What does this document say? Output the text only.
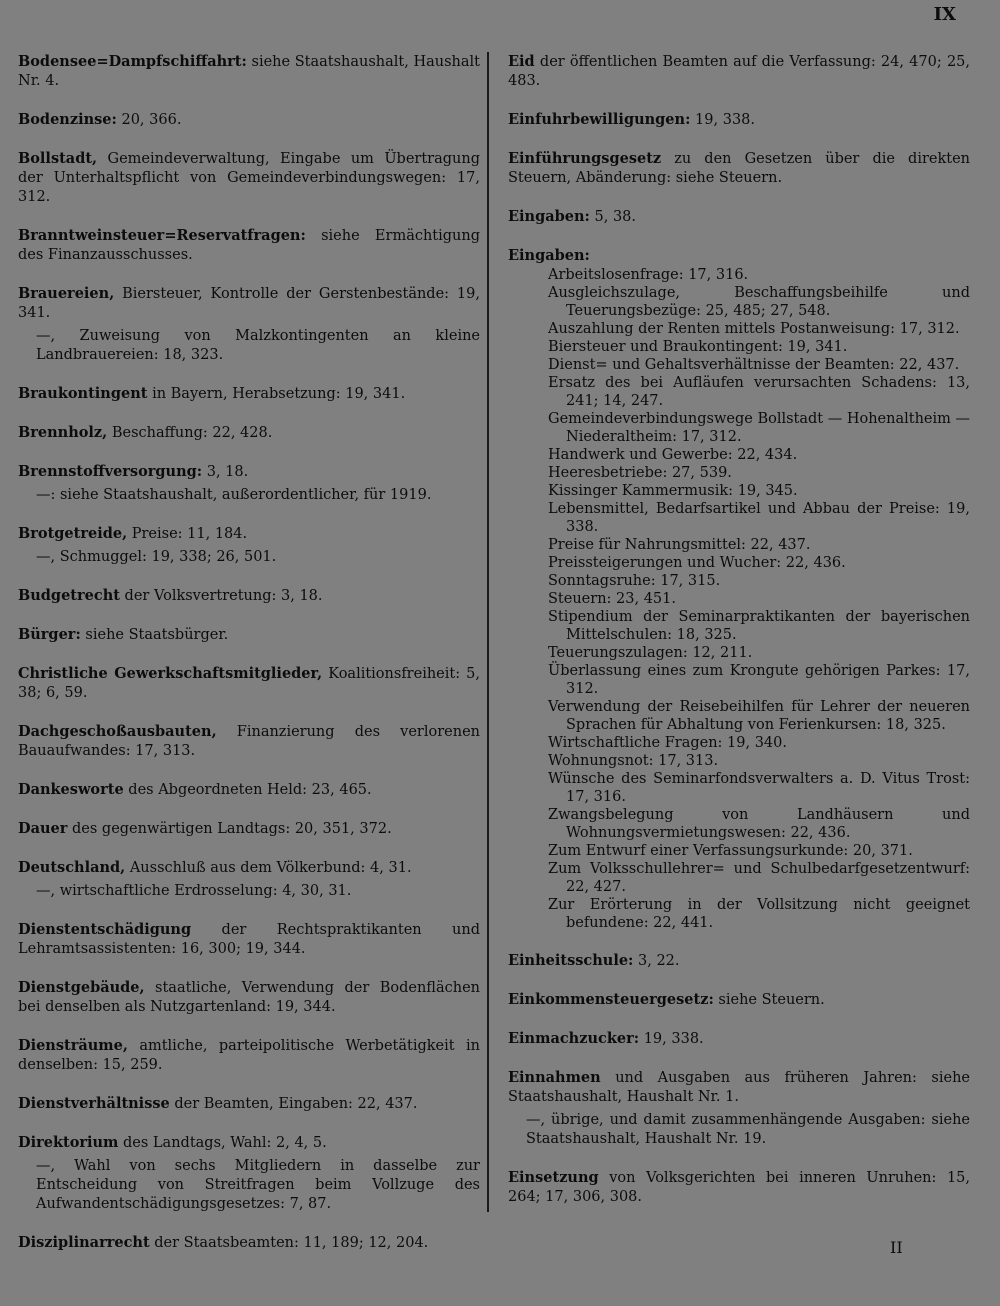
IX
Bodensee=Dampfschiffahrt: siehe Staatshaushalt, Haushalt Nr. 4.
Bodenzinse: 20, 366.
Bollstadt, Gemeindeverwaltung, Eingabe um Übertragung der Unterhaltspflicht von Gemeindeverbindungswegen: 17, 312.
Branntweinsteuer=Reservatfragen: siehe Ermächtigung des Finanzausschusses.
Brauereien, Biersteuer, Kontrolle der Gerstenbestände: 19, 341.
—, Zuweisung von Malzkontingenten an kleine Landbrauereien: 18, 323.
Braukontingent in Bayern, Herabsetzung: 19, 341.
Brennholz, Beschaffung: 22, 428.
Brennstoffversorgung: 3, 18.
—: siehe Staatshaushalt, außerordentlicher, für 1919.
Brotgetreide, Preise: 11, 184.
—, Schmuggel: 19, 338; 26, 501.
Budgetrecht der Volksvertretung: 3, 18.
Bürger: siehe Staatsbürger.
Christliche Gewerkschaftsmitglieder, Koalitionsfreiheit: 5, 38; 6, 59.
Dachgeschoßausbauten, Finanzierung des verlorenen Bauaufwandes: 17, 313.
Dankesworte des Abgeordneten Held: 23, 465.
Dauer des gegenwärtigen Landtags: 20, 351, 372.
Deutschland, Ausschluß aus dem Völkerbund: 4, 31.
—, wirtschaftliche Erdrosselung: 4, 30, 31.
Dienstentschädigung der Rechtspraktikanten und Lehramtsassistenten: 16, 300; 19, 344.
Dienstgebäude, staatliche, Verwendung der Bodenflächen bei denselben als Nutzgartenland: 19, 344.
Diensträume, amtliche, parteipolitische Werbetätigkeit in denselben: 15, 259.
Dienstverhältnisse der Beamten, Eingaben: 22, 437.
Direktorium des Landtags, Wahl: 2, 4, 5.
—, Wahl von sechs Mitgliedern in dasselbe zur Entscheidung von Streitfragen beim Vollzuge des Aufwandentschädigungsgesetzes: 7, 87.
Disziplinarrecht der Staatsbeamten: 11, 189; 12, 204.
Eid der öffentlichen Beamten auf die Verfassung: 24, 470; 25, 483.
Einfuhrbewilligungen: 19, 338.
Einführungsgesetz zu den Gesetzen über die direkten Steuern, Abänderung: siehe Steuern.
Eingaben: 5, 38.
Eingaben:
Arbeitslosenfrage: 17, 316.
Ausgleichszulage, Beschaffungsbeihilfe und Teuerungsbezüge: 25, 485; 27, 548.
Auszahlung der Renten mittels Postanweisung: 17, 312.
Biersteuer und Braukontingent: 19, 341.
Dienst= und Gehaltsverhältnisse der Beamten: 22, 437.
Ersatz des bei Aufläufen verursachten Schadens: 13, 241; 14, 247.
Gemeindeverbindungswege Bollstadt — Hohenaltheim — Niederaltheim: 17, 312.
Handwerk und Gewerbe: 22, 434.
Heeresbetriebe: 27, 539.
Kissinger Kammermusik: 19, 345.
Lebensmittel, Bedarfsartikel und Abbau der Preise: 19, 338.
Preise für Nahrungsmittel: 22, 437.
Preissteigerungen und Wucher: 22, 436.
Sonntagsruhe: 17, 315.
Steuern: 23, 451.
Stipendium der Seminarpraktikanten der bayerischen Mittelschulen: 18, 325.
Teuerungszulagen: 12, 211.
Überlassung eines zum Krongute gehörigen Parkes: 17, 312.
Verwendung der Reisebeihilfen für Lehrer der neueren Sprachen für Abhaltung von Ferienkursen: 18, 325.
Wirtschaftliche Fragen: 19, 340.
Wohnungsnot: 17, 313.
Wünsche des Seminarfondsverwalters a. D. Vitus Trost: 17, 316.
Zwangsbelegung von Landhäusern und Wohnungsvermietungswesen: 22, 436.
Zum Entwurf einer Verfassungsurkunde: 20, 371.
Zum Volksschullehrer= und Schulbedarfgesetzentwurf: 22, 427.
Zur Erörterung in der Vollsitzung nicht geeignet befundene: 22, 441.
Einheitsschule: 3, 22.
Einkommensteuergesetz: siehe Steuern.
Einmachzucker: 19, 338.
Einnahmen und Ausgaben aus früheren Jahren: siehe Staatshaushalt, Haushalt Nr. 1.
—, übrige, und damit zusammenhängende Ausgaben: siehe Staatshaushalt, Haushalt Nr. 19.
Einsetzung von Volksgerichten bei inneren Unruhen: 15, 264; 17, 306, 308.
II
